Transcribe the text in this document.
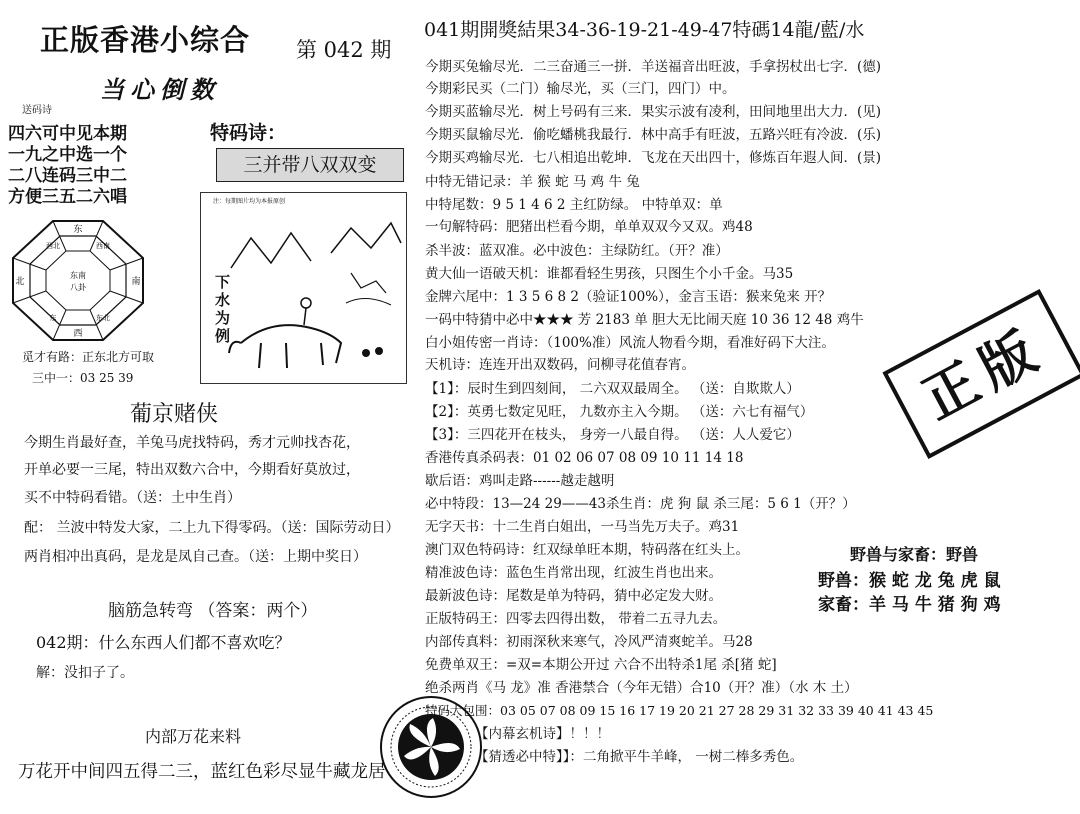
正版香港小综合 第 042 期
当心倒数
送码诗
四六可中见本期
一九之中选一个
二八连码三中二
方便三五二六唱
东
南
西
北
东南
八卦
西南
西北
东北
东
觅才有路：正东北方可取
三中一：03 25 39
特码诗：
三并带八双双变
注：每期图片均为本报原创
下水为例
葡京赌侠
今期生肖最好查，羊兔马虎找特码，秀才元帅找杏花，
开单必要一三尾，特出双数六合中，今期看好莫放过，
买不中特码看错。（送：土中生肖）
配： 兰波中特发大家，二上九下得零码。（送：国际劳动日）
两肖相冲出真码，是龙是凤自己查。（送：上期中奖日）
脑筋急转弯 （答案：两个）
042期：什么东西人们都不喜欢吃？
解：没扣子了。
内部万花来料
万花开中间四五得二三，蓝红色彩尽显牛藏龙居
041期開獎結果34-36-19-21-49-47特碼14龍/藍/水
今期买兔输尽光．二三奋通三一拼．羊送福音出旺波，手拿拐杖出七字．(德)
今期彩民买（二门）输尽光，买（三门，四门）中。
今期买蓝输尽光．树上号码有三来．果实示波有凌利，田间地里出大力．(见)
今期买鼠输尽光．偷吃蟠桃我最行．林中高手有旺波，五路兴旺有冷波．(乐)
今期买鸡输尽光．七八相追出乾坤．飞龙在天出四十，修炼百年遐人间．(景)
中特无错记录：羊 猴 蛇 马 鸡 牛 兔
中特尾数：9 5 1 4 6 2 主红防绿。 中特单双：单
一句解特码：肥猪出栏看今期，单单双双今又双。鸡48
杀半波：蓝双准。必中波色：主绿防红。（开？准）
黄大仙一语破天机：谁都看轻生男孩，只图生个小千金。马35
金牌六尾中：1 3 5 6 8 2（验证100%），金言玉语：猴来兔来 开？
一码中特猜中必中★★★ 芳 2183 单 胆大无比闹天庭 10 36 12 48 鸡牛
白小姐传密一肖诗：（100%准）风流人物看今期，看准好码下大注。
天机诗：连连开出双数码，问柳寻花值春宵。
【1】：辰时生到四刻间， 二六双双最周全。 （送：自欺欺人）
【2】：英勇七数定见旺， 九数亦主入今期。 （送：六七有福气）
【3】：三四花开在枝头， 身旁一八最自得。 （送：人人爱它）
香港传真杀码表：01 02 06 07 08 09 10 11 14 18
歇后语：鸡叫走路------越走越明
必中特段：13—24 29——43杀生肖：虎 狗 鼠 杀三尾：5 6 1（开？）
无字天书：十二生肖白姐出，一马当先万夫子。鸡31
澳门双色特码诗：红双绿单旺本期，特码落在红头上。
精准波色诗：蓝色生肖常出现，红波生肖也出来。
最新波色诗：尾数是单为特码，猜中必定发大财。
正版特码王：四零去四得出数， 带着二五寻九去。
内部传真料：初雨深秋来寒气，冷风严清爽蛇羊。马28
免费单双王：=双=本期公开过 六合不出特杀1尾 杀[猪 蛇]
绝杀两肖《马 龙》准 香港禁合（今年无错）合10（开？准）（水 木 土）
特码大包围：03 05 07 08 09 15 16 17 19 20 21 27 28 29 31 32 33 39 40 41 43 45
【内幕玄机诗】！！！
【猜透必中特】】：二角掀平牛羊峰， 一树二棒多秀色。
野兽与家畜：野兽
野兽：猴 蛇 龙 兔 虎 鼠
家畜：羊 马 牛 猪 狗 鸡
正版
